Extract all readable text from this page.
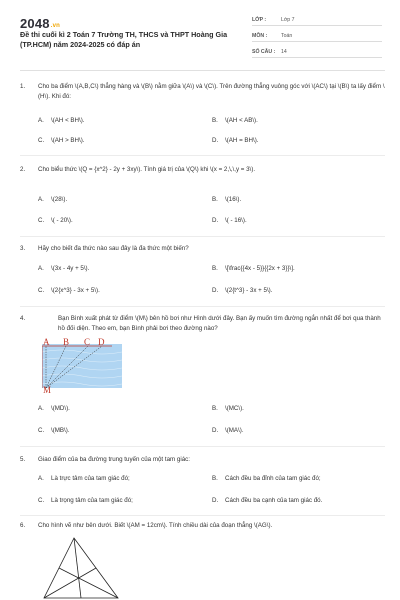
2048.vn
Đề thi cuối kì 2 Toán 7 Trường TH, THCS và THPT Hoàng Gia (TP.HCM) năm 2024-2025 có đáp án
LỚP :	Lớp 7
MÔN :	Toán
SỐ CÂU :	14
1.	Cho ba điểm \(A,B,C\) thẳng hàng và \(B\) nằm giữa \(A\) và \(C\). Trên đường thẳng vuông góc với \(AC\) tại \(B\) ta lấy điểm \(H\). Khi đó:
A. \(AH < BH\).	B. \(AH < AB\).
C. \(AH > BH\).	D. \(AH = BH\).
2.	Cho biểu thức \(Q = {x^2} - 2y + 3xy\). Tính giá trị của \(Q\) khi \(x = 2,\,\,y = 3\).
A. \(28\).	B. \(16\).
C. \( - 20\).	D. \( - 16\).
3.	Hãy cho biết đa thức nào sau đây là đa thức một biến?
A. \(3x - 4y + 5\).	B. \[\frac{{4x - 5}}{{2x + 3}}\].
C. \(2{x^3} - 3x + 5\).	D. \(2{t^3} - 3x + 5\).
4.	Bạn Bình xuất phát từ điểm \(M\) bên hồ bơi như Hình dưới đây. Bạn ấy muốn tìm đường ngắn nhất để bơi qua thành hồ đối diện. Theo em, bạn Bình phải bơi theo đường nào?
A B C D
M
A. \(MD\).	B. \(MC\).
C. \(MB\).	D. \(MA\).
5.	Giao điểm của ba đường trung tuyến của một tam giác:
A. Là trực tâm của tam giác đó;	B. Cách đều ba đỉnh của tam giác đó;
C. Là trọng tâm của tam giác đó;	D. Cách đều ba cạnh của tam giác đó.
6.	Cho hình vẽ như bên dưới. Biết \(AM = 12cm\). Tính chiều dài của đoạn thẳng \(AG\).
